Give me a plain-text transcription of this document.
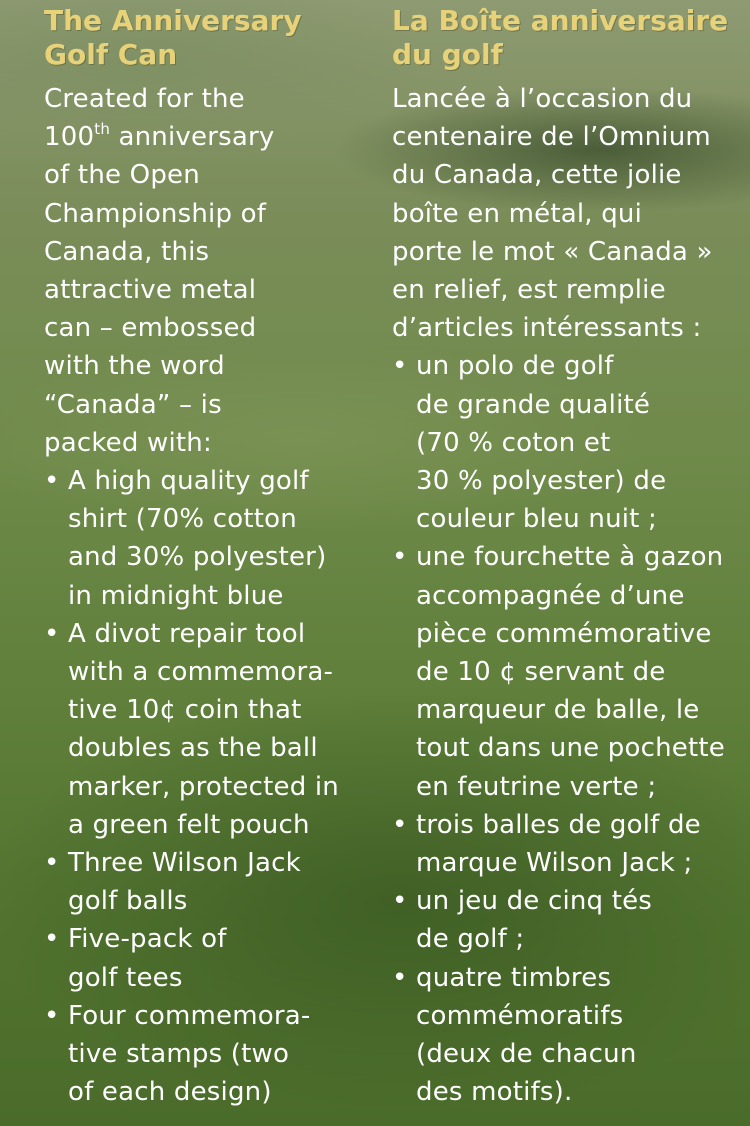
The Anniversary
Golf Can

Created for the

100th anniversary

of the Open

Championship of

Canada, this

attractive metal

can – embossed

with the word

“Canada” – is

packed with:

• A high quality golf

shirt (70% cotton

and 30% polyester)

in midnight blue

• A divot repair tool

with a commemora-

tive 10¢ coin that

doubles as the ball

marker, protected in

a green felt pouch

• Three Wilson Jack

golf balls

• Five-pack of

golf tees

• Four commemora-

tive stamps (two

of each design)

La Boîte anniversaire
du golf

Lancée à l’occasion du

centenaire de l’Omnium

du Canada, cette jolie

boîte en métal, qui

porte le mot « Canada »

en relief, est remplie

d’articles intéressants :

• un polo de golf

de grande qualité

(70 % coton et

30 % polyester) de

couleur bleu nuit ;

• une fourchette à gazon

accompagnée d’une

pièce commémorative

de 10 ¢ servant de

marqueur de balle, le

tout dans une pochette

en feutrine verte ;

• trois balles de golf de

marque Wilson Jack ;

• un jeu de cinq tés

de golf ;

• quatre timbres

commémoratifs

(deux de chacun

des motifs).
